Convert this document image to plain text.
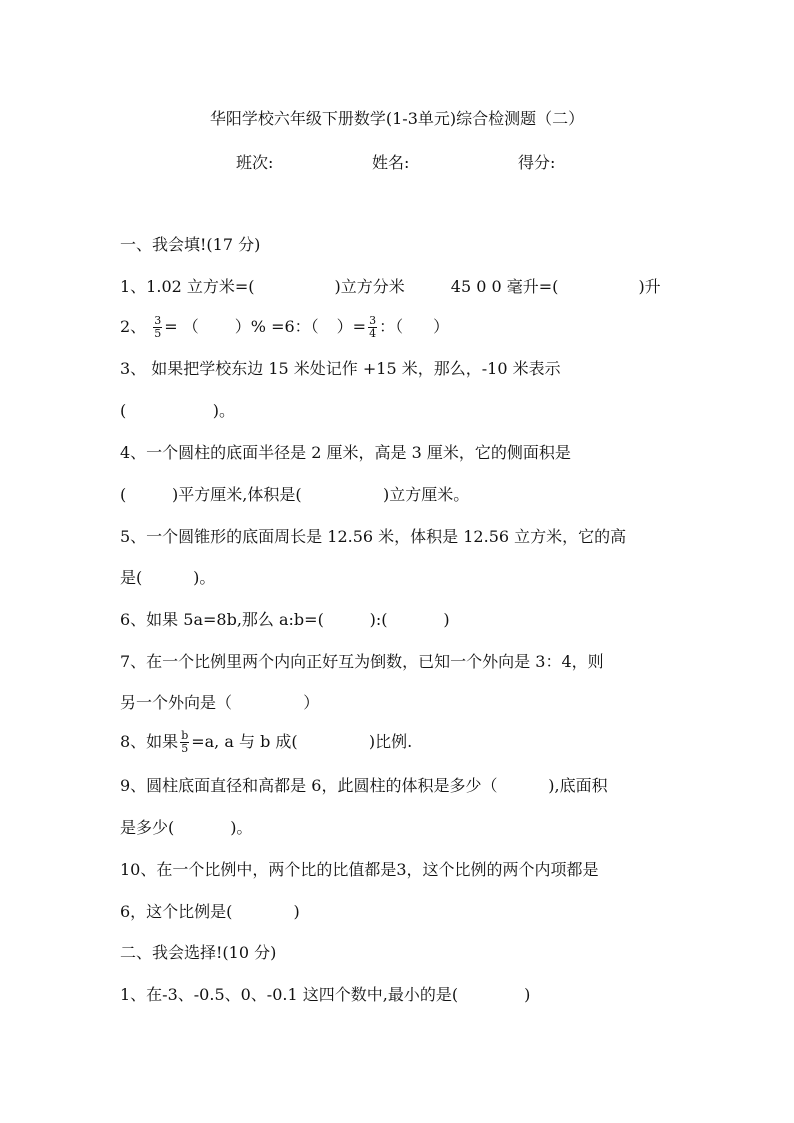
华阳学校六年级下册数学(1-3单元)综合检测题（二）
班次:	姓名:	得分:
一、我会填!(17 分)
1、1.02 立方米=(	)立方分米	45 0 0 毫升=(	)升
2、 $\frac{3}{5}$ = （ ）% =6：（ ）= $\frac{3}{4}$ ：（ ）
3、 如果把学校东边 15 米处记作 +15 米，那么，-10 米表示
(                 )。
4、一个圆柱的底面半径是 2 厘米，高是 3 厘米，它的侧面积是
(         )平方厘米,体积是(                )立方厘米。
5、一个圆锥形的底面周长是 12.56 米，体积是 12.56 立方米，它的高
是(          )。
6、如果 5a=8b,那么 a:b=(         ):(           )
7、在一个比例里两个内向正好互为倒数，已知一个外向是 3：4，则
另一个外向是（              ）
8、如果 $\frac{b}{5} =a$, a 与 b 成(              )比例.
9、圆柱底面直径和高都是 6，此圆柱的体积是多少（          ),底面积
是多少(           )。
10、在一个比例中，两个比的比值都是3，这个比例的两个内项都是
6，这个比例是(            )
二、我会选择!(10 分)
1、在-3、-0.5、0、-0.1 这四个数中,最小的是(             )
